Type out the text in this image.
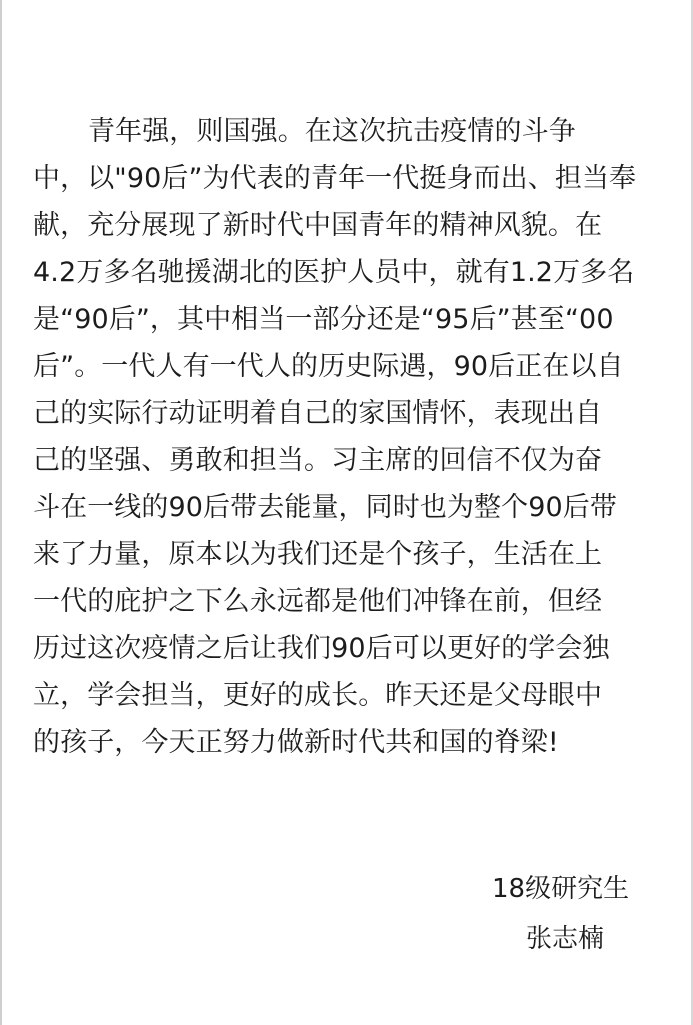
青年强，则国强。在这次抗击疫情的斗争
中，以"90后”为代表的青年一代挺身而出、担当奉
献，充分展现了新时代中国青年的精神风貌。在
4.2万多名驰援湖北的医护人员中，就有1.2万多名
是“90后”，其中相当一部分还是“95后”甚至“00
后”。一代人有一代人的历史际遇，90后正在以自
己的实际行动证明着自己的家国情怀，表现出自
己的坚强、勇敢和担当。习主席的回信不仅为奋
斗在一线的90后带去能量，同时也为整个90后带
来了力量，原本以为我们还是个孩子，生活在上
一代的庇护之下么永远都是他们冲锋在前，但经
历过这次疫情之后让我们90后可以更好的学会独
立，学会担当，更好的成长。昨天还是父母眼中
的孩子，今天正努力做新时代共和国的脊梁!
18级研究生
张志楠
